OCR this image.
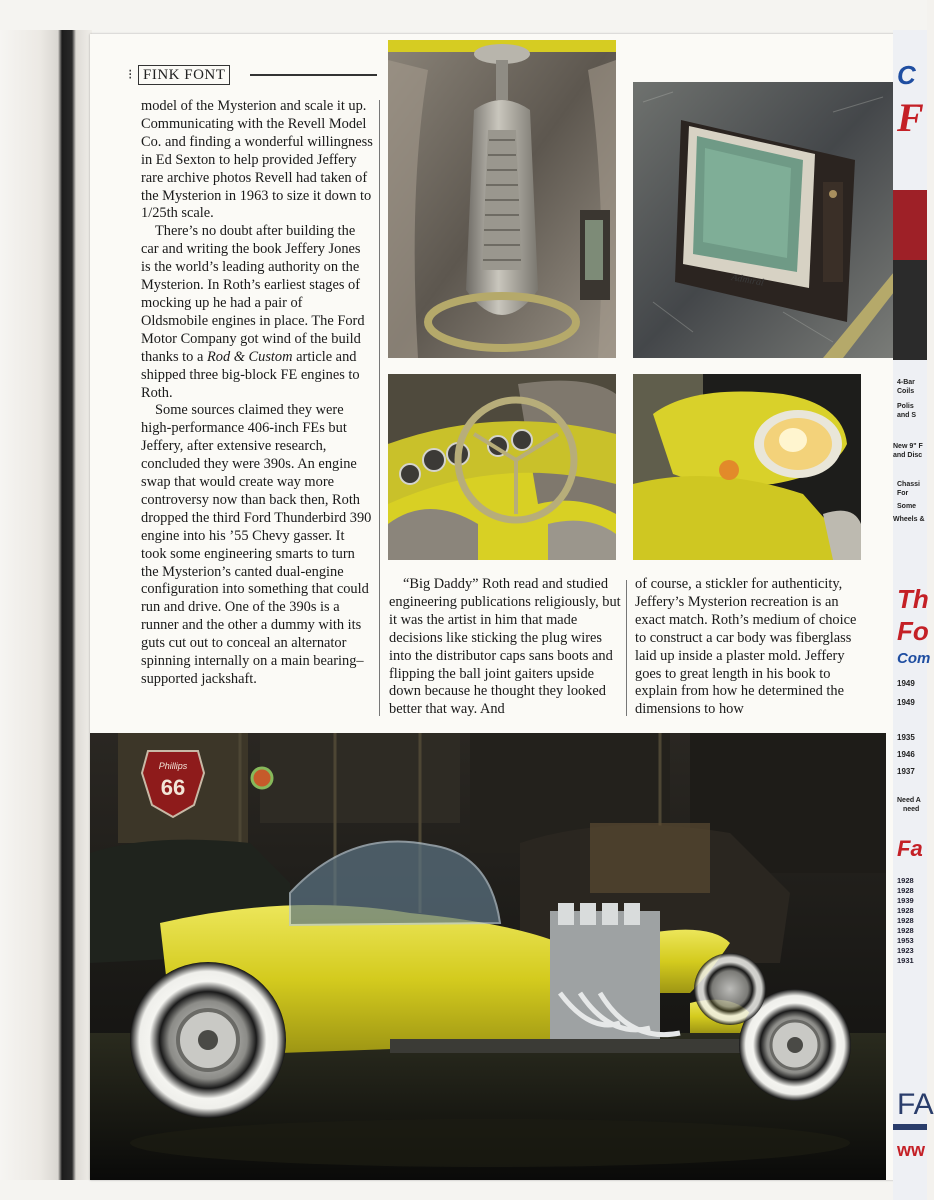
⁝ FINK FONT

model of the Mysterion and scale it up. Communicating with the Revell Model Co. and finding a wonderful willingness in Ed Sexton to help provided Jeffery rare archive photos Revell had taken of the Mysterion in 1963 to size it down to 1/25th scale.

There’s no doubt after building the car and writing the book Jeffery Jones is the world’s leading authority on the Mysterion. In Roth’s earliest stages of mocking up he had a pair of Oldsmobile engines in place. The Ford Motor Company got wind of the build thanks to a Rod & Custom article and shipped three big-block FE engines to Roth.

Some sources claimed they were high-performance 406-inch FEs but Jeffery, after extensive research, concluded they were 390s. An engine swap that would create way more controversy now than back then, Roth dropped the third Ford Thunderbird 390 engine into his ’55 Chevy gasser. It took some engineering smarts to turn the Mysterion’s canted dual-engine configuration into something that could run and drive. One of the 390s is a runner and the other a dummy with its guts cut out to conceal an alternator spinning internally on a main bearing–supported jackshaft.

Admiral

“Big Daddy” Roth read and studied engineering publications religiously, but it was the artist in him that made decisions like sticking the plug wires into the distributor caps sans boots and flipping the ball joint gaiters upside down because he thought they looked better that way. And

of course, a stickler for authenticity, Jeffery’s Mysterion recreation is an exact match. Roth’s medium of choice to construct a car body was fiberglass laid up inside a plaster mold. Jeffery goes to great length in his book to explain from how he determined the dimensions to how

Phillips
66
C
F
4-Bar
Coils
Polis
and S
New 9" F
and Disc
Chassi
For
Some
Wheels &
Th
Fo
Com
1949
1949
1935
1946
1937
Need A
need
Fa
1928
1928
1939
1928
1928
1928
1953
1923
1931
FA
ww
